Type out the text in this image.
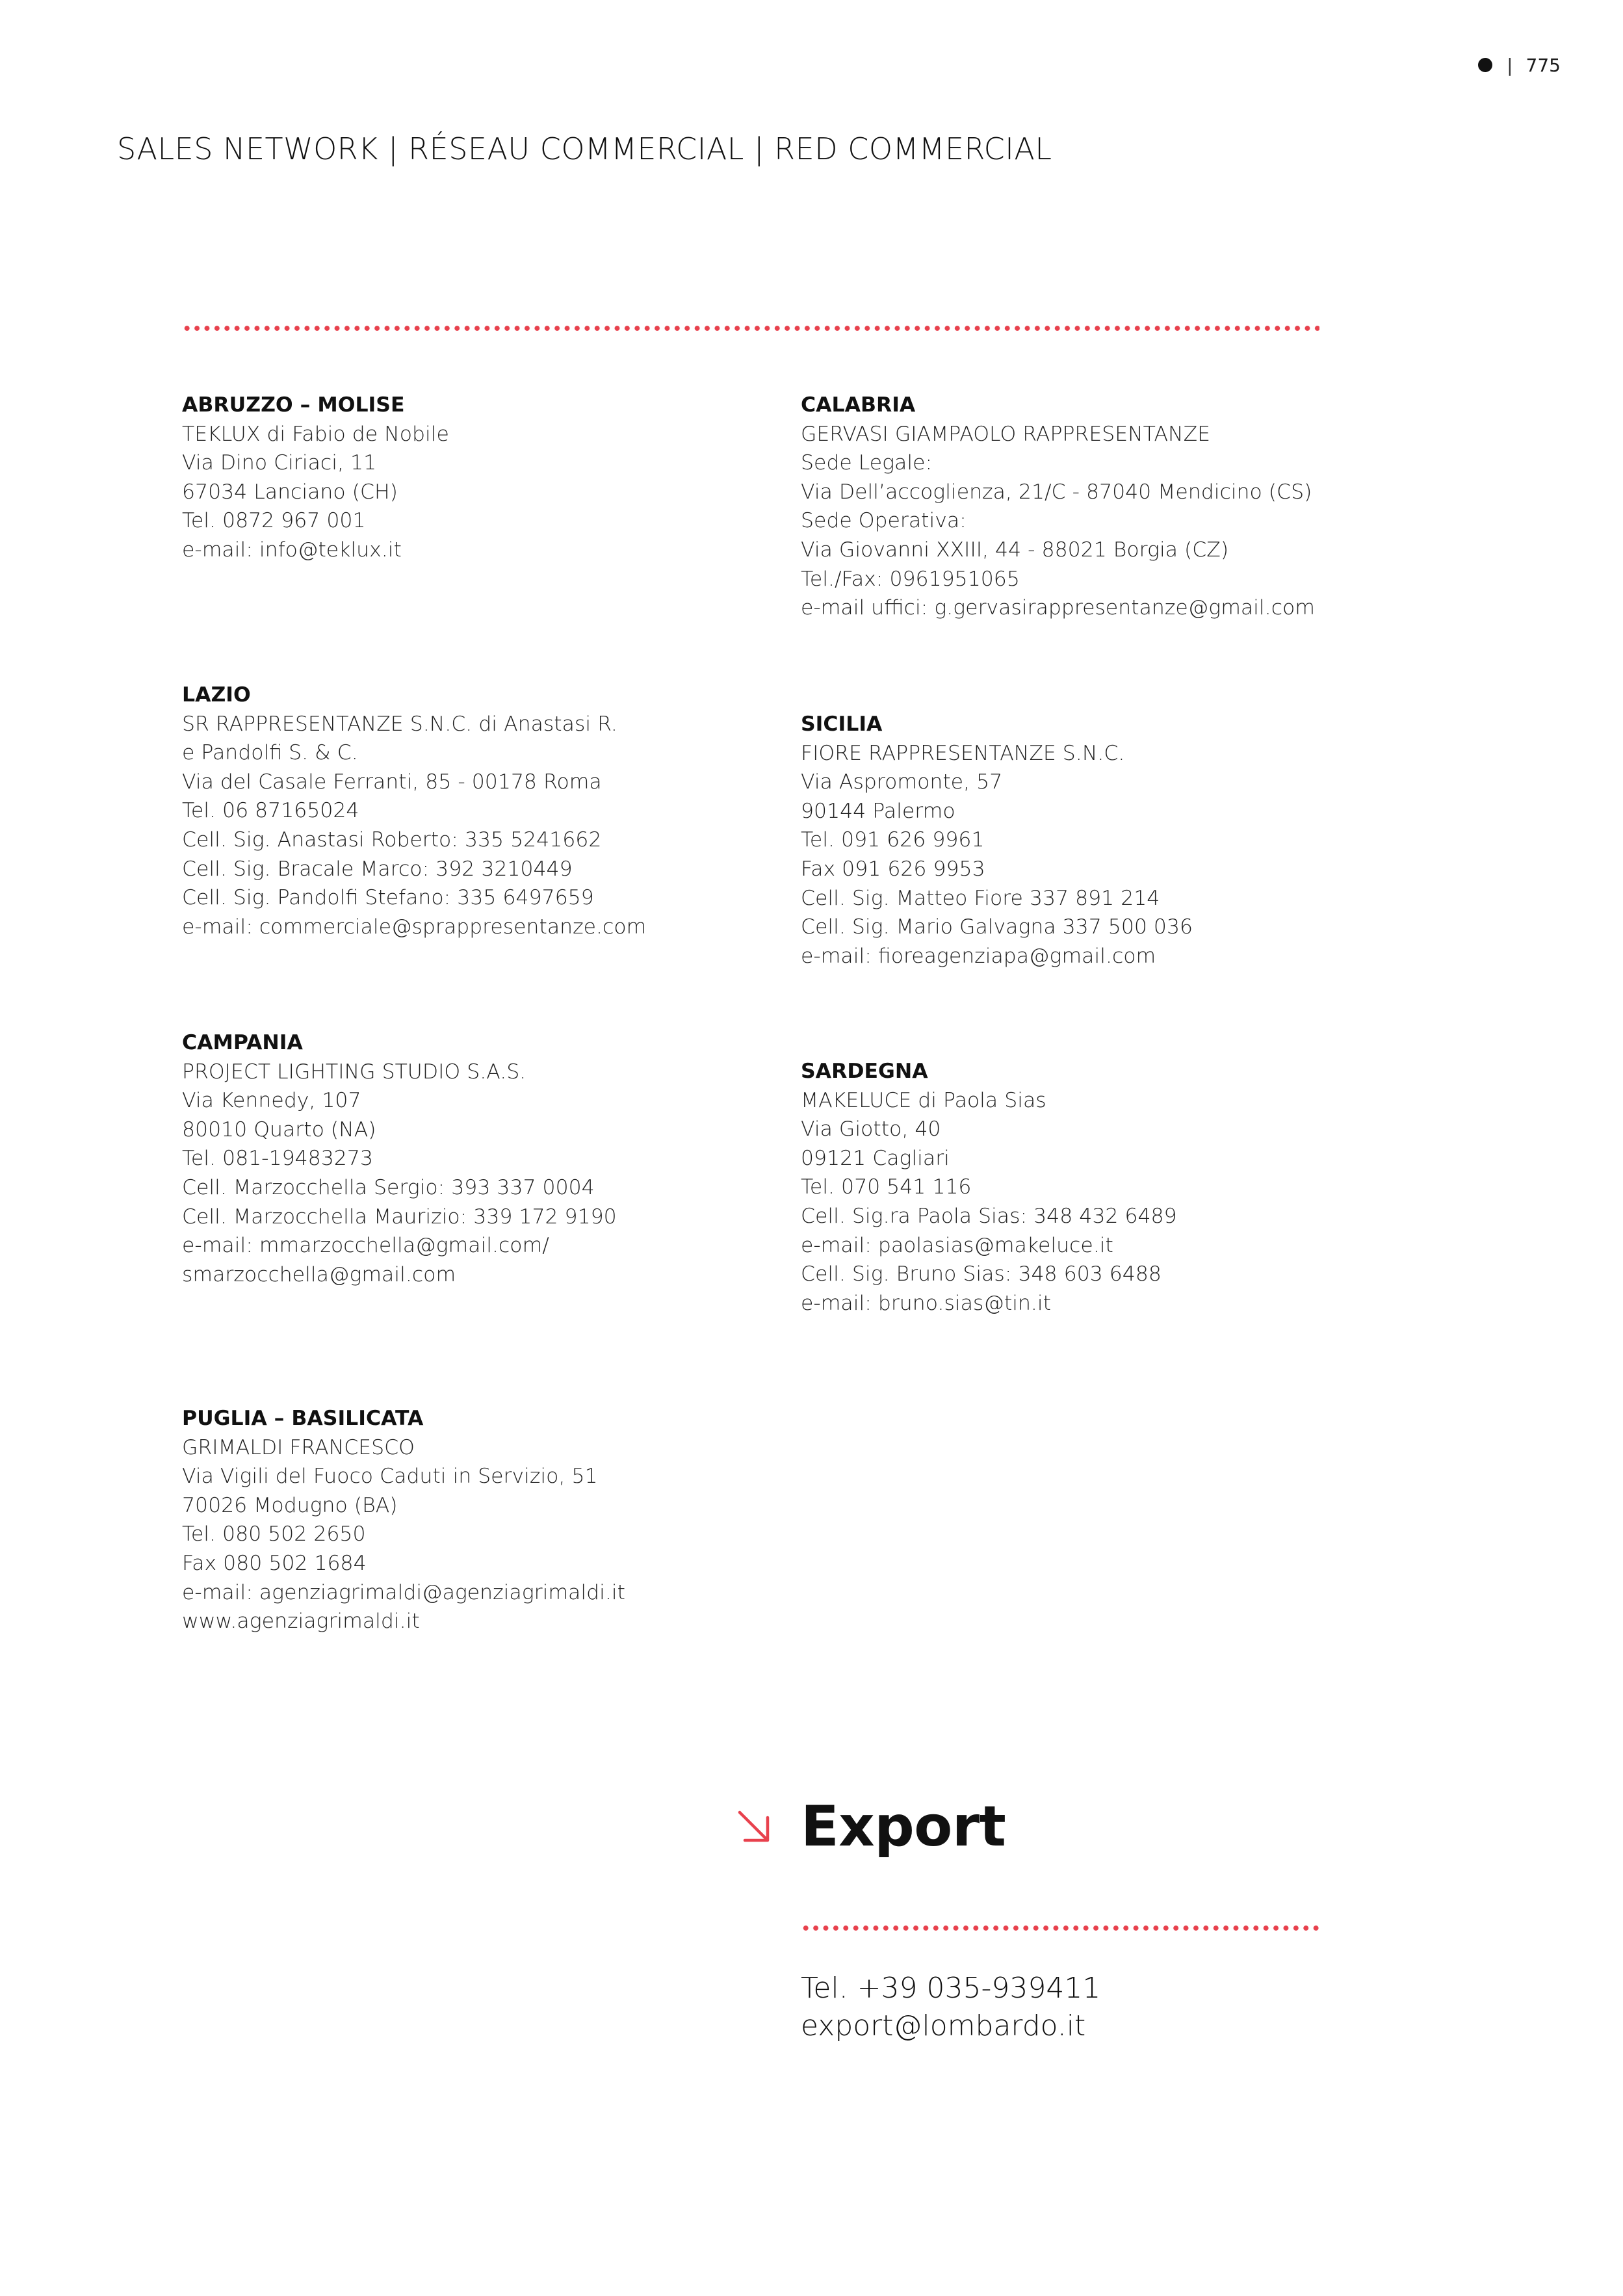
| 775
SALES NETWORK | RÉSEAU COMMERCIAL | RED COMMERCIAL
ABRUZZO – MOLISE
TEKLUX di Fabio de Nobile
Via Dino Ciriaci, 11
67034 Lanciano (CH)
Tel. 0872 967 001
e-mail: info@teklux.it
CALABRIA
GERVASI GIAMPAOLO RAPPRESENTANZE
Sede Legale:
Via Dell’accoglienza, 21/C - 87040 Mendicino (CS)
Sede Operativa:
Via Giovanni XXIII, 44 - 88021 Borgia (CZ)
Tel./Fax: 0961951065
e-mail uffici: g.gervasirappresentanze@gmail.com
LAZIO
SR RAPPRESENTANZE S.N.C. di Anastasi R.
e Pandolfi S. & C.
Via del Casale Ferranti, 85 - 00178 Roma
Tel. 06 87165024
Cell. Sig. Anastasi Roberto: 335 5241662
Cell. Sig. Bracale Marco: 392 3210449
Cell. Sig. Pandolfi Stefano: 335 6497659
e-mail: commerciale@sprappresentanze.com
SICILIA
FIORE RAPPRESENTANZE S.N.C.
Via Aspromonte, 57
90144 Palermo
Tel. 091 626 9961
Fax 091 626 9953
Cell. Sig. Matteo Fiore 337 891 214
Cell. Sig. Mario Galvagna 337 500 036
e-mail: fioreagenziapa@gmail.com
CAMPANIA
PROJECT LIGHTING STUDIO S.A.S.
Via Kennedy, 107
80010 Quarto (NA)
Tel. 081-19483273
Cell. Marzocchella Sergio: 393 337 0004
Cell. Marzocchella Maurizio: 339 172 9190
e-mail: mmarzocchella@gmail.com/
smarzocchella@gmail.com
SARDEGNA
MAKELUCE di Paola Sias
Via Giotto, 40
09121 Cagliari
Tel. 070 541 116
Cell. Sig.ra Paola Sias: 348 432 6489
e-mail: paolasias@makeluce.it
Cell. Sig. Bruno Sias: 348 603 6488
e-mail: bruno.sias@tin.it
PUGLIA – BASILICATA
GRIMALDI FRANCESCO
Via Vigili del Fuoco Caduti in Servizio, 51
70026 Modugno (BA)
Tel. 080 502 2650
Fax 080 502 1684
e-mail: agenziagrimaldi@agenziagrimaldi.it
www.agenziagrimaldi.it
Export
Tel. +39 035-939411
export@lombardo.it
